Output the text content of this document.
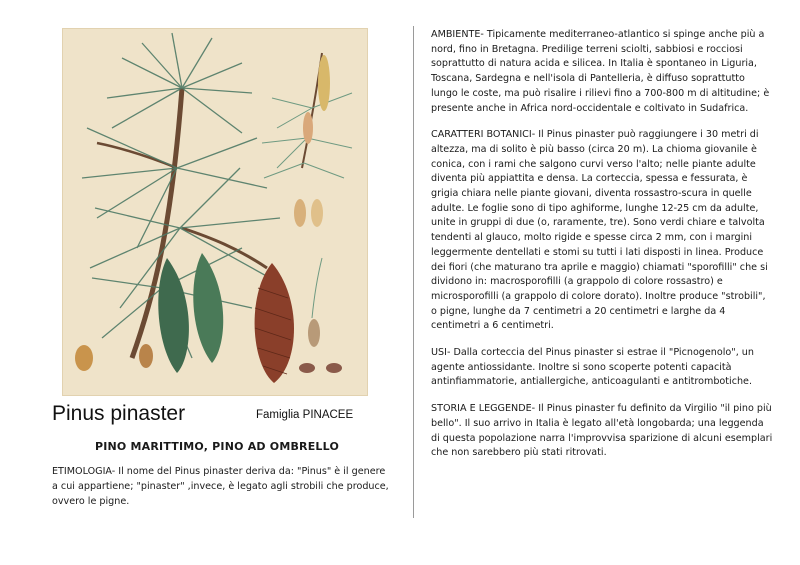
Pinus pinaster	Famiglia PINACEE
PINO MARITTIMO, PINO AD OMBRELLO

ETIMOLOGIA- Il nome del Pinus pinaster deriva da: "Pinus" è il genere a cui appartiene; "pinaster" ,invece, è legato agli strobili che produce, ovvero le pigne.

AMBIENTE- Tipicamente mediterraneo-atlantico si spinge anche più a nord, fino in Bretagna. Predilige terreni sciolti, sabbiosi e rocciosi soprattutto di natura acida e silicea. In Italia è spontaneo in Liguria, Toscana, Sardegna e nell'isola di Pantelleria, è diffuso soprattutto lungo le coste, ma può risalire i rilievi fino a 700-800 m di altitudine; è presente anche in Africa nord-occidentale e coltivato in Sudafrica.

CARATTERI BOTANICI- Il Pinus pinaster può raggiungere i 30 metri di altezza, ma di solito è più basso (circa 20 m). La chioma giovanile è conica, con i rami che salgono curvi verso l'alto; nelle piante adulte diventa più appiattita e densa. La corteccia, spessa e fessurata, è grigia chiara nelle piante giovani, diventa rossastro-scura in quelle adulte. Le foglie sono di tipo aghiforme, lunghe 12-25 cm da adulte, unite in gruppi di due (o, raramente, tre). Sono verdi chiare e talvolta tendenti al glauco, molto rigide e spesse circa 2 mm, con i margini leggermente dentellati e stomi su tutti i lati disposti in linea. Produce dei fiori (che maturano tra aprile e maggio) chiamati "sporofilli" che si dividono in: macrosporofilli (a grappolo di colore rossastro) e microsporofilli (a grappolo di colore dorato). Inoltre produce "strobili", o pigne, lunghe da 7 centimetri a 20 centimetri e larghe da 4 centimetri a 6 centimetri.

USI- Dalla corteccia del Pinus pinaster si estrae il "Picnogenolo", un agente antiossidante. Inoltre si sono scoperte potenti capacità antinfiammatorie, antiallergiche, anticoagulanti e antitrombotiche.

STORIA E LEGGENDE- Il Pinus pinaster fu definito da Virgilio "il pino più bello". Il suo arrivo in Italia è legato all'età longobarda; una leggenda di questa popolazione narra l'improvvisa sparizione di alcuni esemplari che non sarebbero più stati ritrovati.
